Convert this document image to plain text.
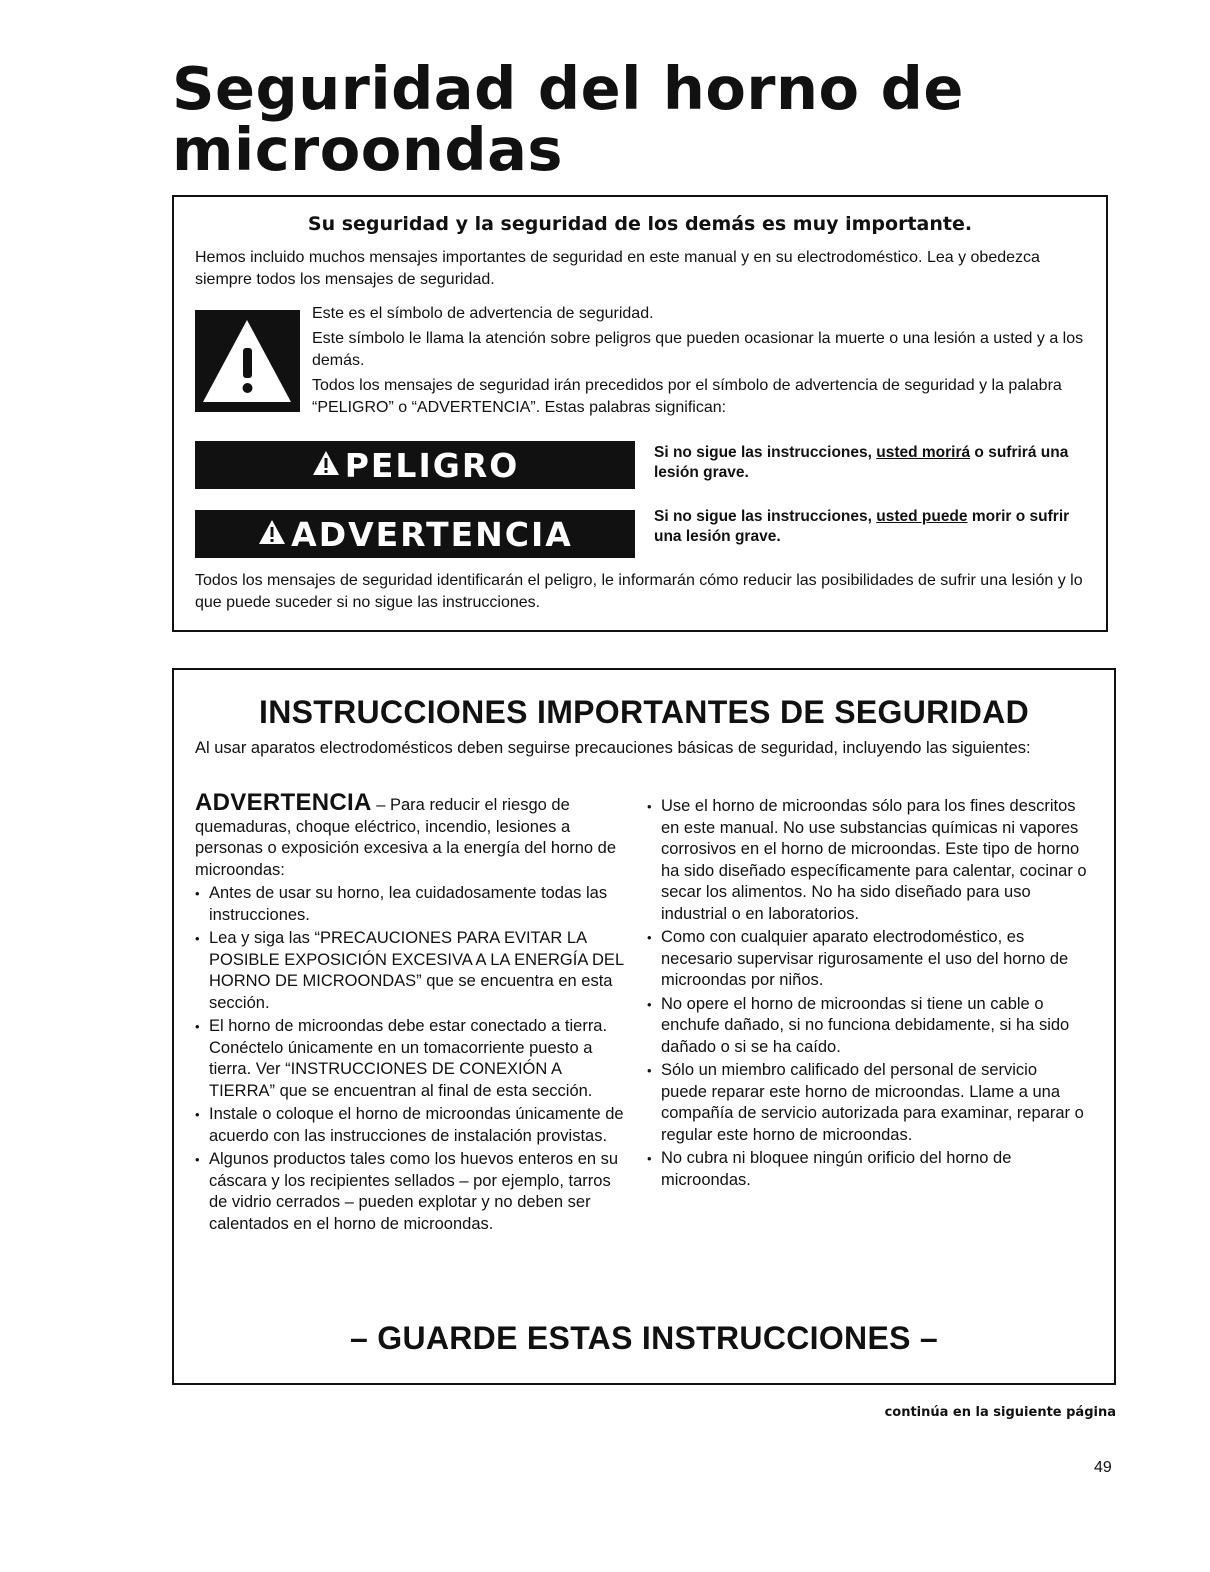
Seguridad del horno de microondas
Su seguridad y la seguridad de los demás es muy importante.
Hemos incluido muchos mensajes importantes de seguridad en este manual y en su electrodoméstico. Lea y obedezca siempre todos los mensajes de seguridad.

Este es el símbolo de advertencia de seguridad.

Este símbolo le llama la atención sobre peligros que pueden ocasionar la muerte o una lesión a usted y a los demás.

Todos los mensajes de seguridad irán precedidos por el símbolo de advertencia de seguridad y la palabra “PELIGRO” o “ADVERTENCIA”. Estas palabras significan:

PELIGRO	Si no sigue las instrucciones, usted morirá o sufrirá una lesión grave.
ADVERTENCIA	Si no sigue las instrucciones, usted puede morir o sufrir una lesión grave.
Todos los mensajes de seguridad identificarán el peligro, le informarán cómo reducir las posibilidades de sufrir una lesión y lo que puede suceder si no sigue las instrucciones.
INSTRUCCIONES IMPORTANTES DE SEGURIDAD
Al usar aparatos electrodomésticos deben seguirse precauciones básicas de seguridad, incluyendo las siguientes:

ADVERTENCIA – Para reducir el riesgo de quemaduras, choque eléctrico, incendio, lesiones a personas o exposición excesiva a la energía del horno de microondas:

• Antes de usar su horno, lea cuidadosamente todas las instrucciones.
• Lea y siga las “PRECAUCIONES PARA EVITAR LA POSIBLE EXPOSICIÓN EXCESIVA A LA ENERGÍA DEL HORNO DE MICROONDAS” que se encuentra en esta sección.
• El horno de microondas debe estar conectado a tierra. Conéctelo únicamente en un tomacorriente puesto a tierra. Ver “INSTRUCCIONES DE CONEXIÓN A TIERRA” que se encuentran al final de esta sección.
• Instale o coloque el horno de microondas únicamente de acuerdo con las instrucciones de instalación provistas.
• Algunos productos tales como los huevos enteros en su cáscara y los recipientes sellados – por ejemplo, tarros de vidrio cerrados – pueden explotar y no deben ser calentados en el horno de microondas.
• Use el horno de microondas sólo para los fines descritos en este manual. No use substancias químicas ni vapores corrosivos en el horno de microondas. Este tipo de horno ha sido diseñado específicamente para calentar, cocinar o secar los alimentos. No ha sido diseñado para uso industrial o en laboratorios.
• Como con cualquier aparato electrodoméstico, es necesario supervisar rigurosamente el uso del horno de microondas por niños.
• No opere el horno de microondas si tiene un cable o enchufe dañado, si no funciona debidamente, si ha sido dañado o si se ha caído.
• Sólo un miembro calificado del personal de servicio puede reparar este horno de microondas. Llame a una compañía de servicio autorizada para examinar, reparar o regular este horno de microondas.
• No cubra ni bloquee ningún orificio del horno de microondas.
– GUARDE ESTAS INSTRUCCIONES –
continúa en la siguiente página
49
